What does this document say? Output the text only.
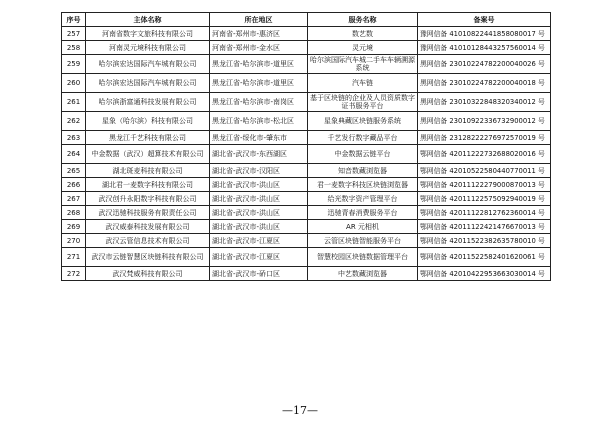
序号	主体名称	所在地区	服务名称	备案号
257	河南省数字文旅科技有限公司	河南省-郑州市-惠济区	数艺数	豫网信备 41010822441858080017 号
258	河南灵元境科技有限公司	河南省-郑州市-金水区	灵元境	豫网信备 41010128443257560014 号
259	哈尔滨宏达国际汽车城有限公司	黑龙江省-哈尔滨市-道里区	哈尔滨国际汽车城二手车车辆溯源系统	黑网信备 23010224782200040026 号
260	哈尔滨宏达国际汽车城有限公司	黑龙江省-哈尔滨市-道里区	汽车链	黑网信备 23010224782200040018 号
261	哈尔滨浙富通科技发展有限公司	黑龙江省-哈尔滨市-南岗区	基于区块链的企业及人员资质数字证书服务平台	黑网信备 23010322848320340012 号
262	星象（哈尔滨）科技有限公司	黑龙江省-哈尔滨市-松北区	星象典藏区块链服务系统	黑网信备 23010922336732900012 号
263	黑龙江千艺科技有限公司	黑龙江省-绥化市-肇东市	千艺发行数字藏品平台	黑网信备 23128222276972570019 号
264	中金数据（武汉）超算技术有限公司	湖北省-武汉市-东西湖区	中金数据云链平台	鄂网信备 42011222732688020016 号
265	湖北斑麦科技有限公司	湖北省-武汉市-汉阳区	知音数藏浏览器	鄂网信备 42010522580440770011 号
266	湖北君一麦数字科技有限公司	湖北省-武汉市-洪山区	君一麦数字科技区块链浏览器	鄂网信备 42011122279000870013 号
267	武汉创升永阳数字科技有限公司	湖北省-武汉市-洪山区	给光数字资产管理平台	鄂网信备 42011122575092940019 号
268	武汉迅驰科技服务有限责任公司	湖北省-武汉市-洪山区	迅驰青春消费服务平台	鄂网信备 42011122812762360014 号
269	武汉威泰科技发展有限公司	湖北省-武汉市-洪山区	AR 元相机	鄂网信备 42011122421476670013 号
270	武汉云管信息技术有限公司	湖北省-武汉市-江夏区	云管区块链智能服务平台	鄂网信备 42011522382635780010 号
271	武汉市云链智慧区块链科技有限公司	湖北省-武汉市-江夏区	智慧校园区块链数据管理平台	鄂网信备 42011522582401620061 号
272	武汉梵威科技有限公司	湖北省-武汉市-硚口区	中艺数藏浏览器	鄂网信备 42010422953663030014 号
—17—
